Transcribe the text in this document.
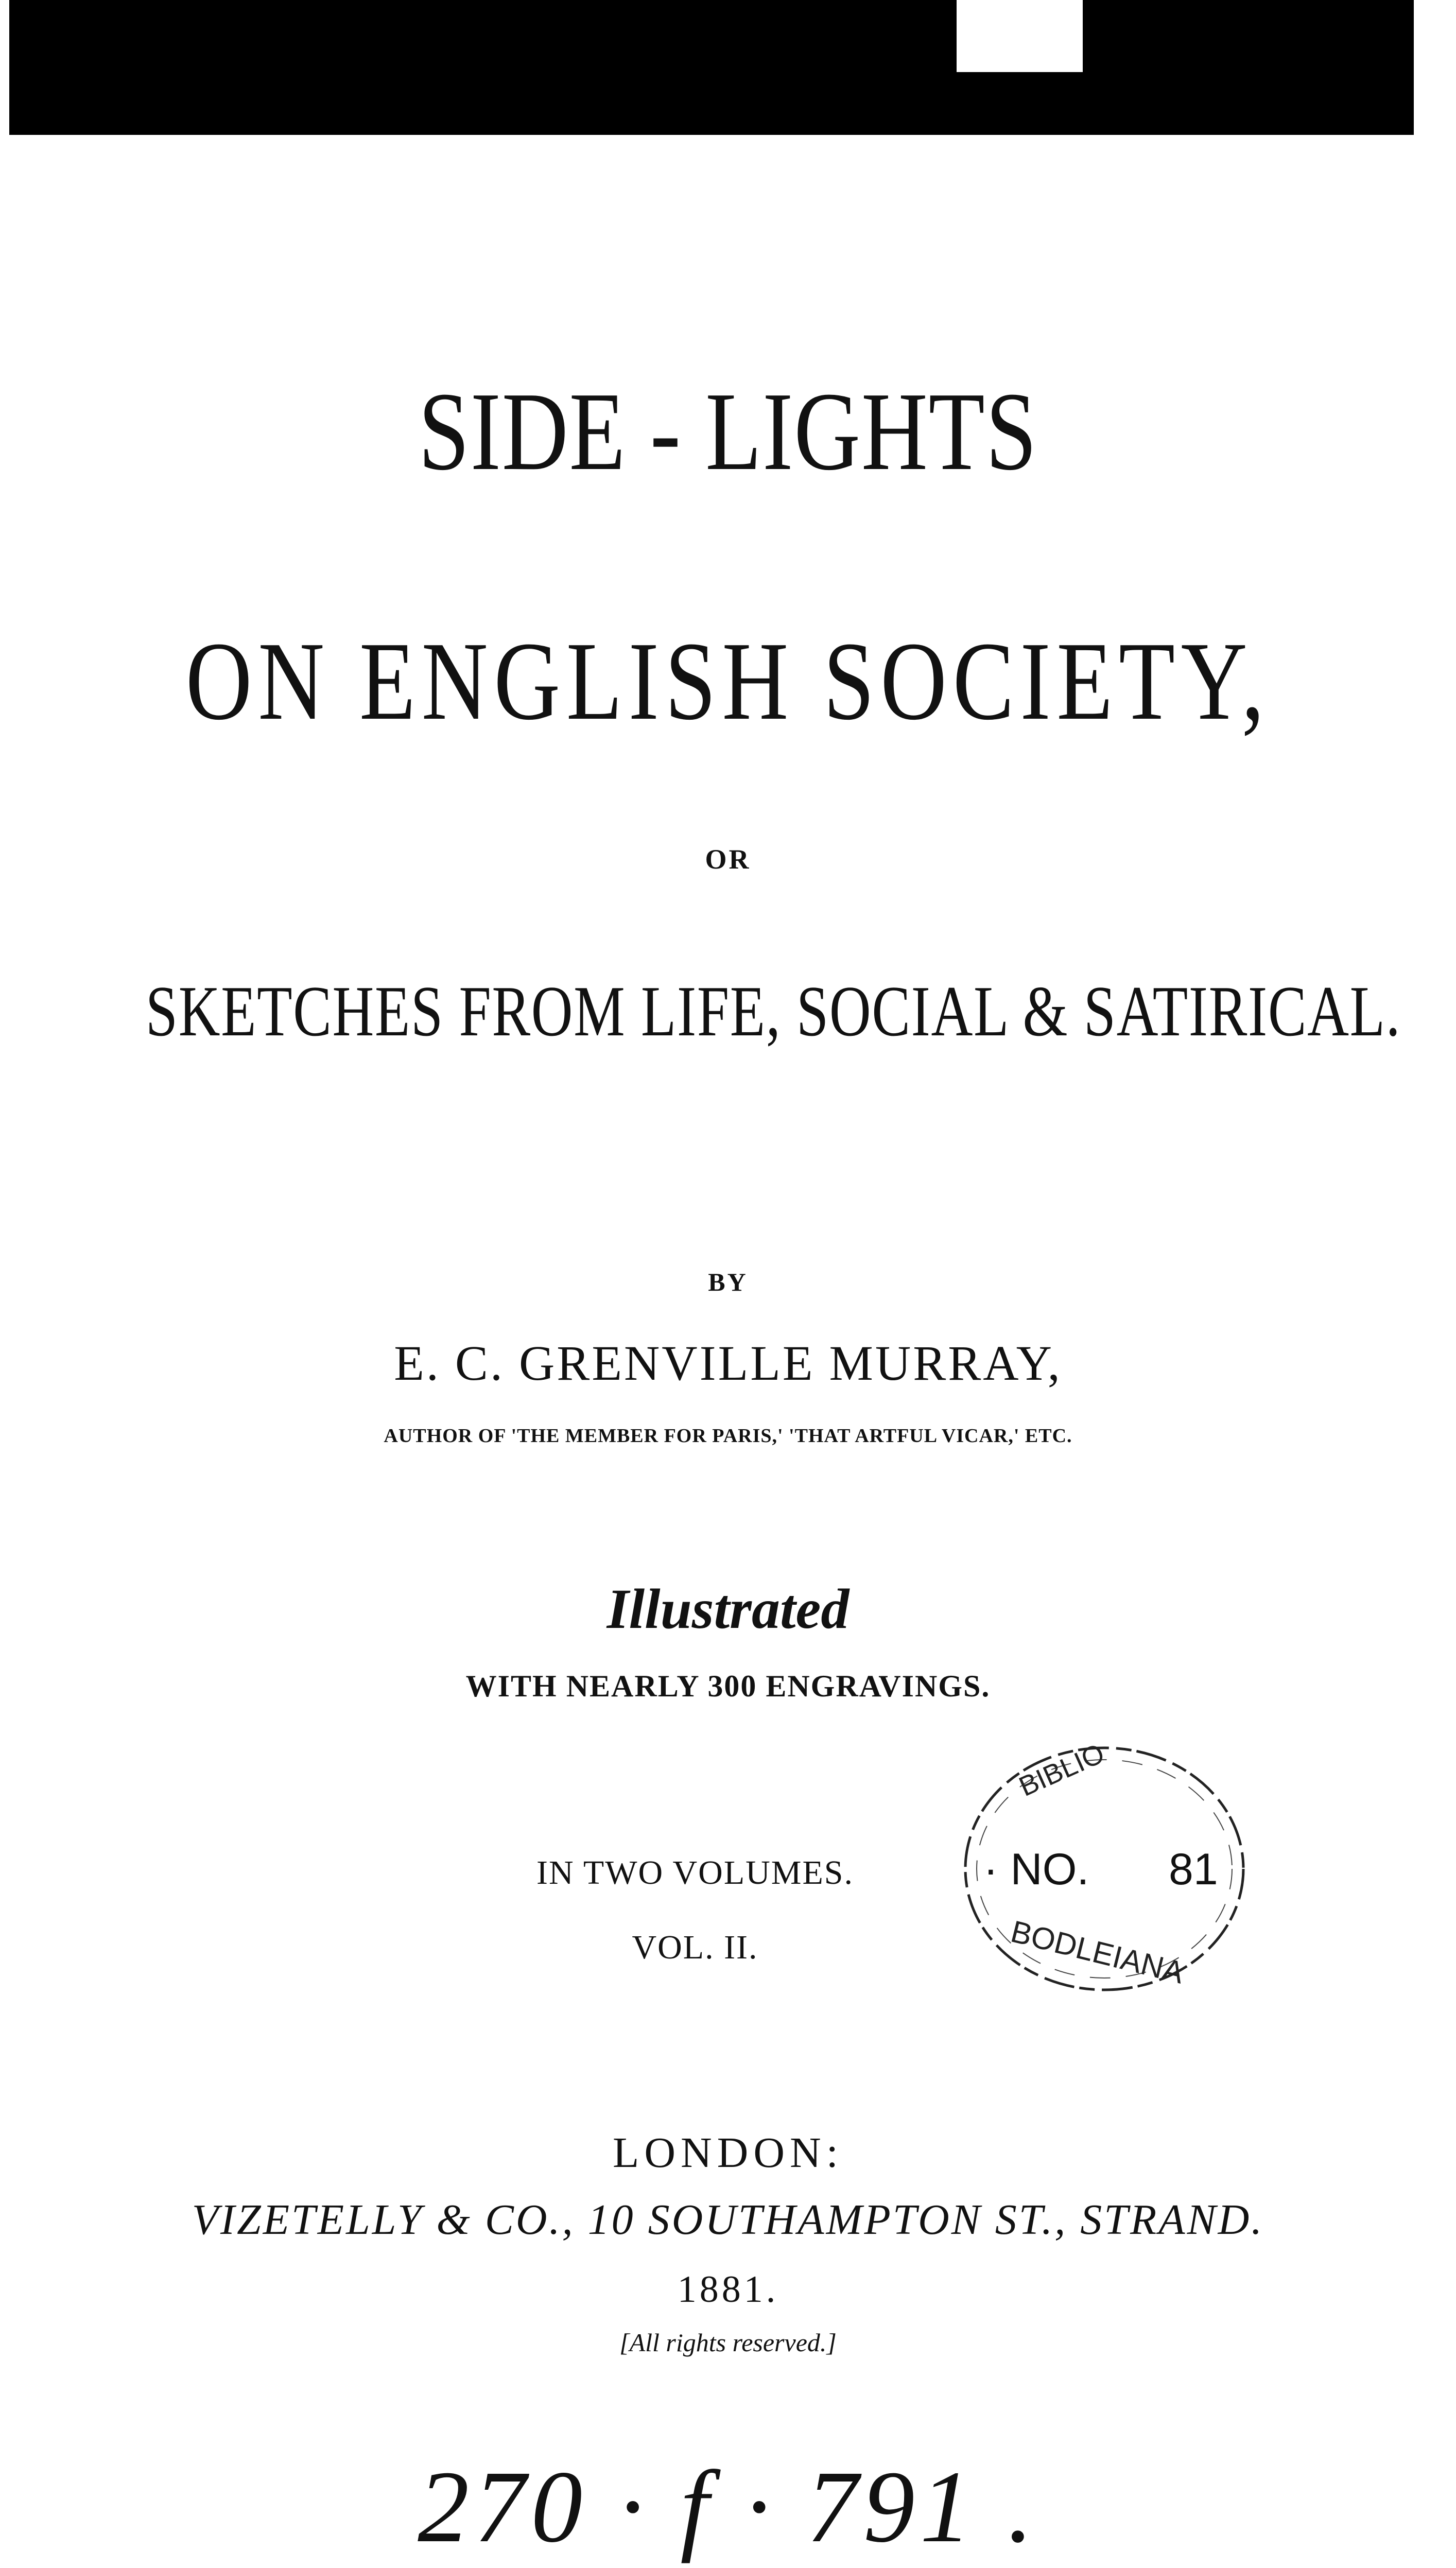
SIDE - LIGHTS
ON ENGLISH SOCIETY,
OR
SKETCHES FROM LIFE, SOCIAL & SATIRICAL.
BY
E. C. GRENVILLE MURRAY,
AUTHOR OF 'THE MEMBER FOR PARIS,' 'THAT ARTFUL VICAR,' ETC.
Illustrated
WITH NEARLY 300 ENGRAVINGS.
IN TWO VOLUMES.
VOL. II.
BIBLIO
· NO. 81
BODLEIANA
LONDON:
VIZETELLY & CO., 10 SOUTHAMPTON ST., STRAND.
1881.
[All rights reserved.]
270 · f · 791 .
